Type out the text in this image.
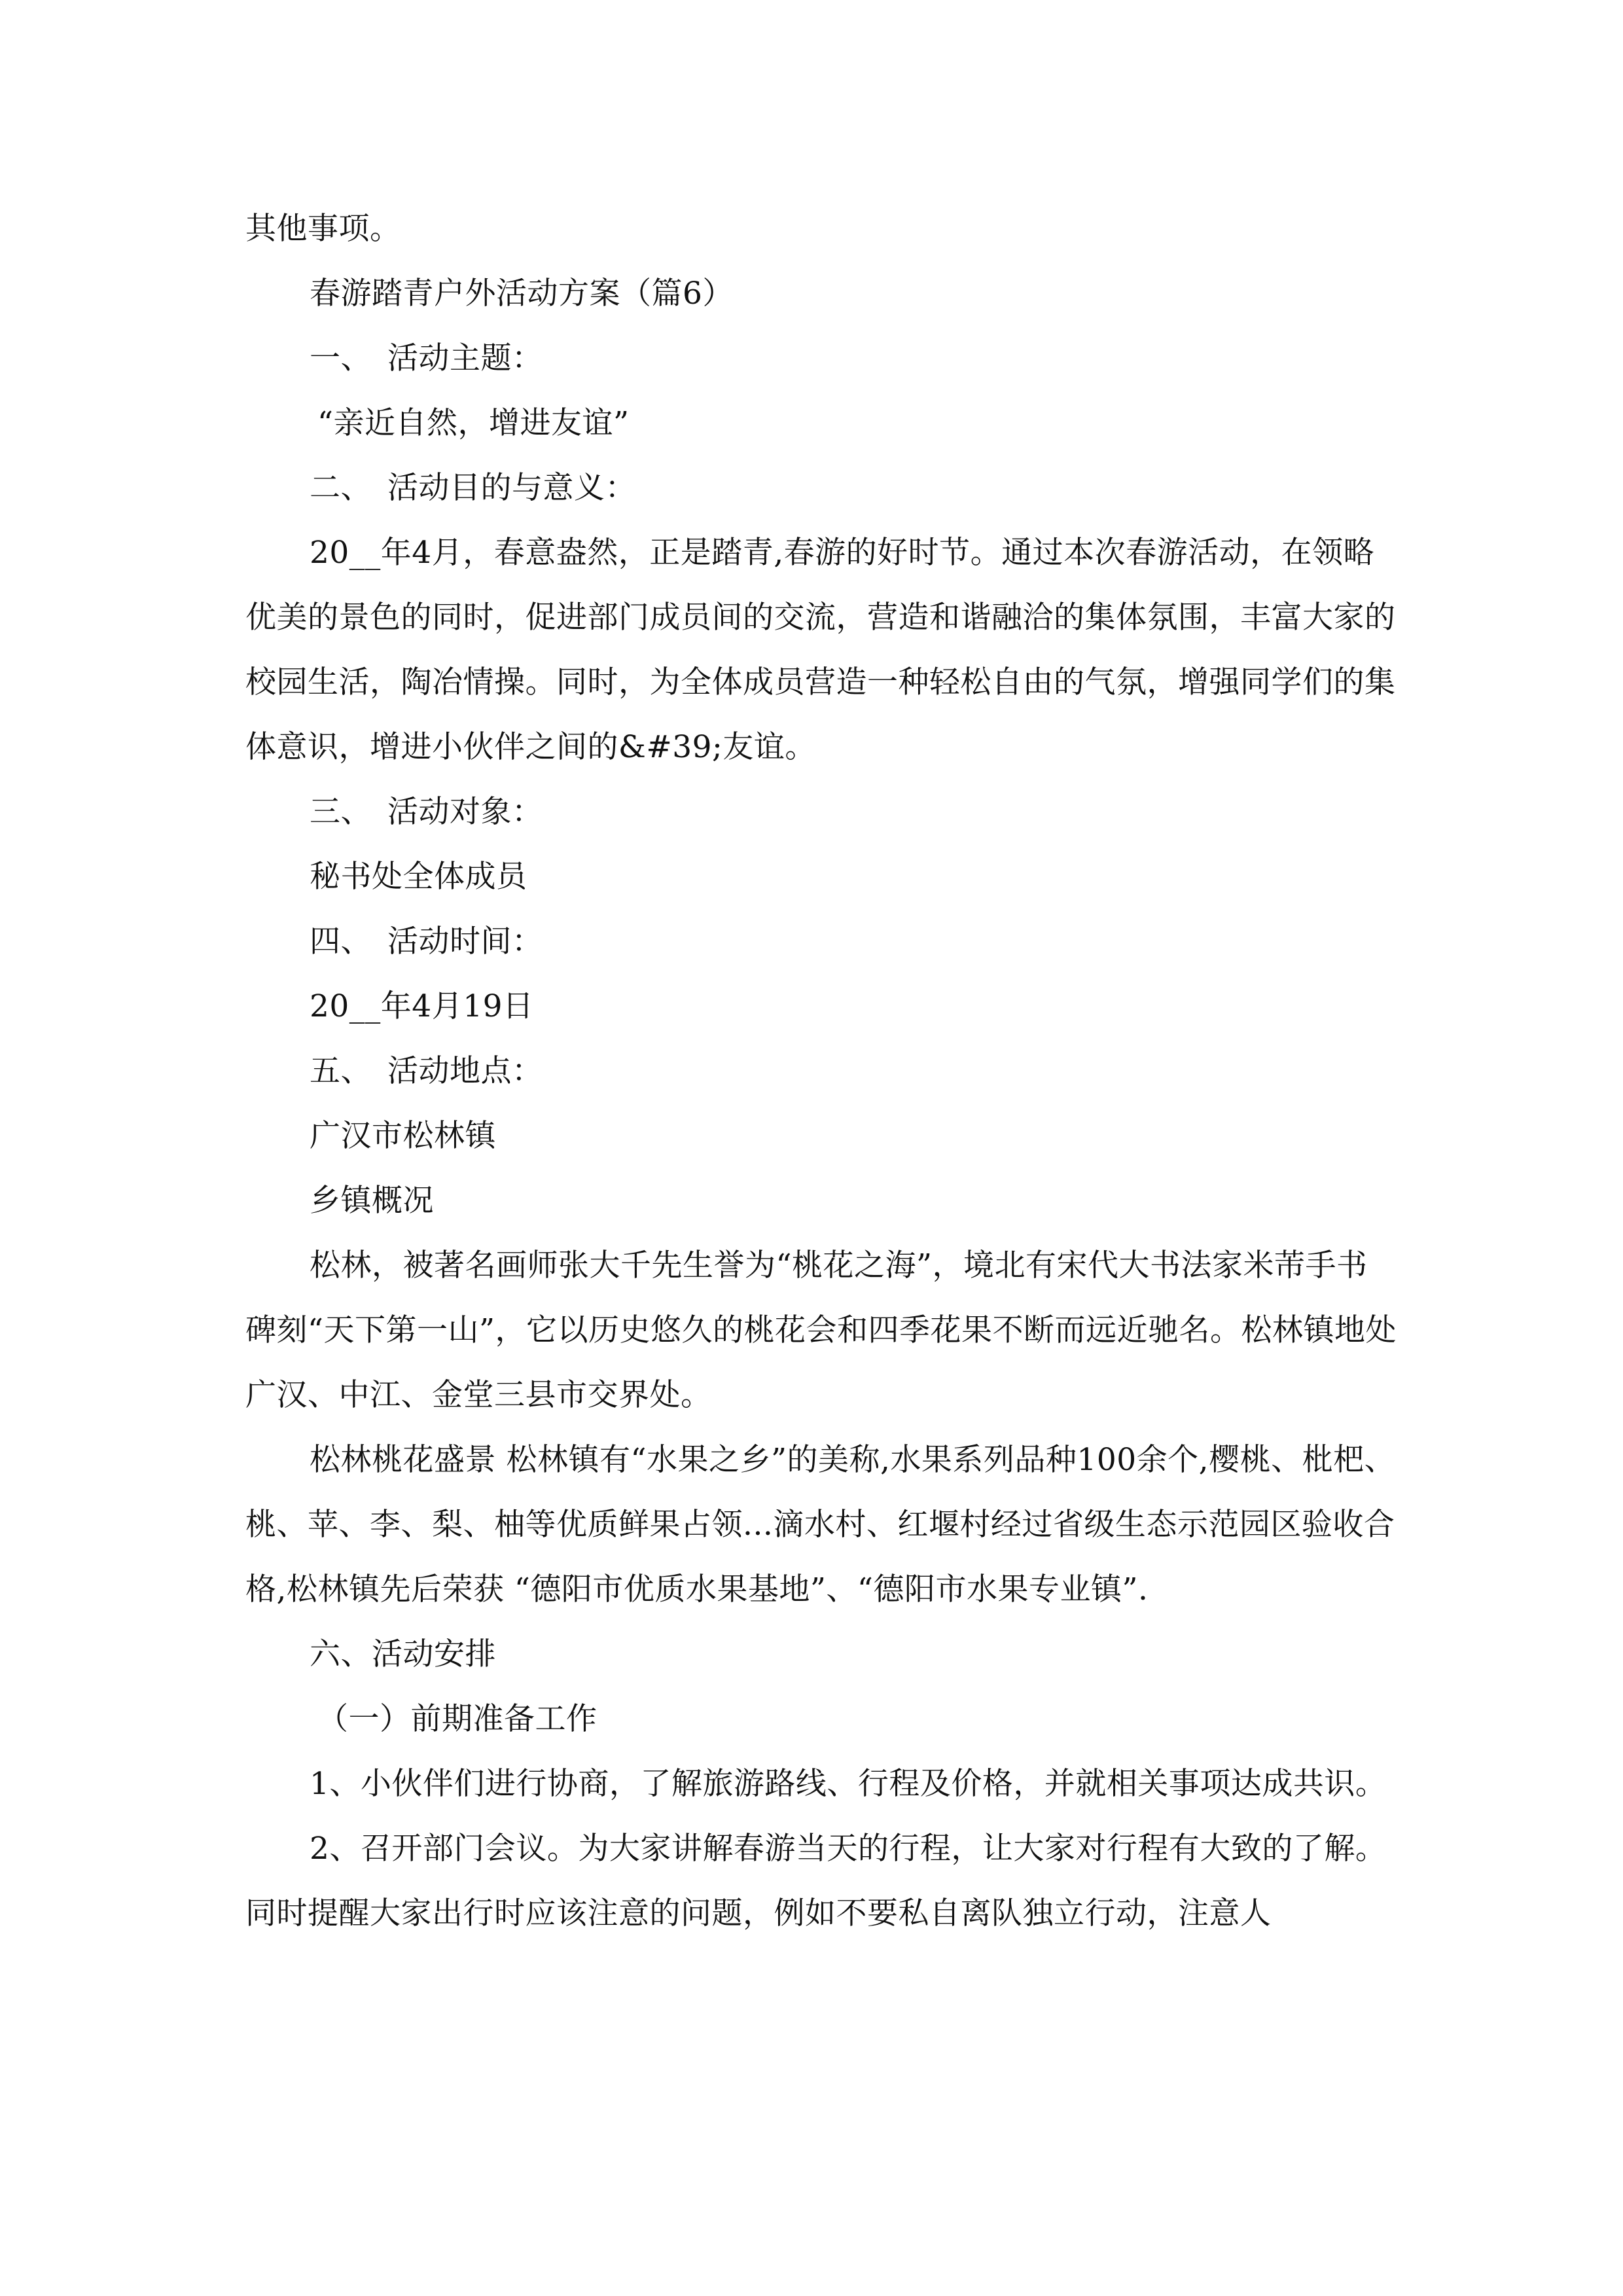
其他事项。

春游踏青户外活动方案（篇6）

一、　活动主题：

“亲近自然，增进友谊”

二、　活动目的与意义：

20__年4月，春意盎然，正是踏青,春游的好时节。通过本次春游活动，在领略优美的景色的同时，促进部门成员间的交流，营造和谐融洽的集体氛围，丰富大家的校园生活，陶冶情操。同时，为全体成员营造一种轻松自由的气氛，增强同学们的集体意识，增进小伙伴之间的&#39;友谊。

三、　活动对象：

秘书处全体成员

四、　活动时间：

20__年4月19日

五、　活动地点：

广汉市松林镇

乡镇概况

松林，被著名画师张大千先生誉为“桃花之海”，境北有宋代大书法家米芾手书碑刻“天下第一山”，它以历史悠久的桃花会和四季花果不断而远近驰名。松林镇地处广汉、中江、金堂三县市交界处。

松林桃花盛景 松林镇有“水果之乡”的美称,水果系列品种100余个,樱桃、枇杷、桃、苹、李、梨、柚等优质鲜果占领...滴水村、红堰村经过省级生态示范园区验收合格,松林镇先后荣获 “德阳市优质水果基地”、“德阳市水果专业镇”.

六、活动安排

（一）前期准备工作

1、小伙伴们进行协商，了解旅游路线、行程及价格，并就相关事项达成共识。

2、召开部门会议。为大家讲解春游当天的行程，让大家对行程有大致的了解。同时提醒大家出行时应该注意的问题，例如不要私自离队独立行动，注意人
